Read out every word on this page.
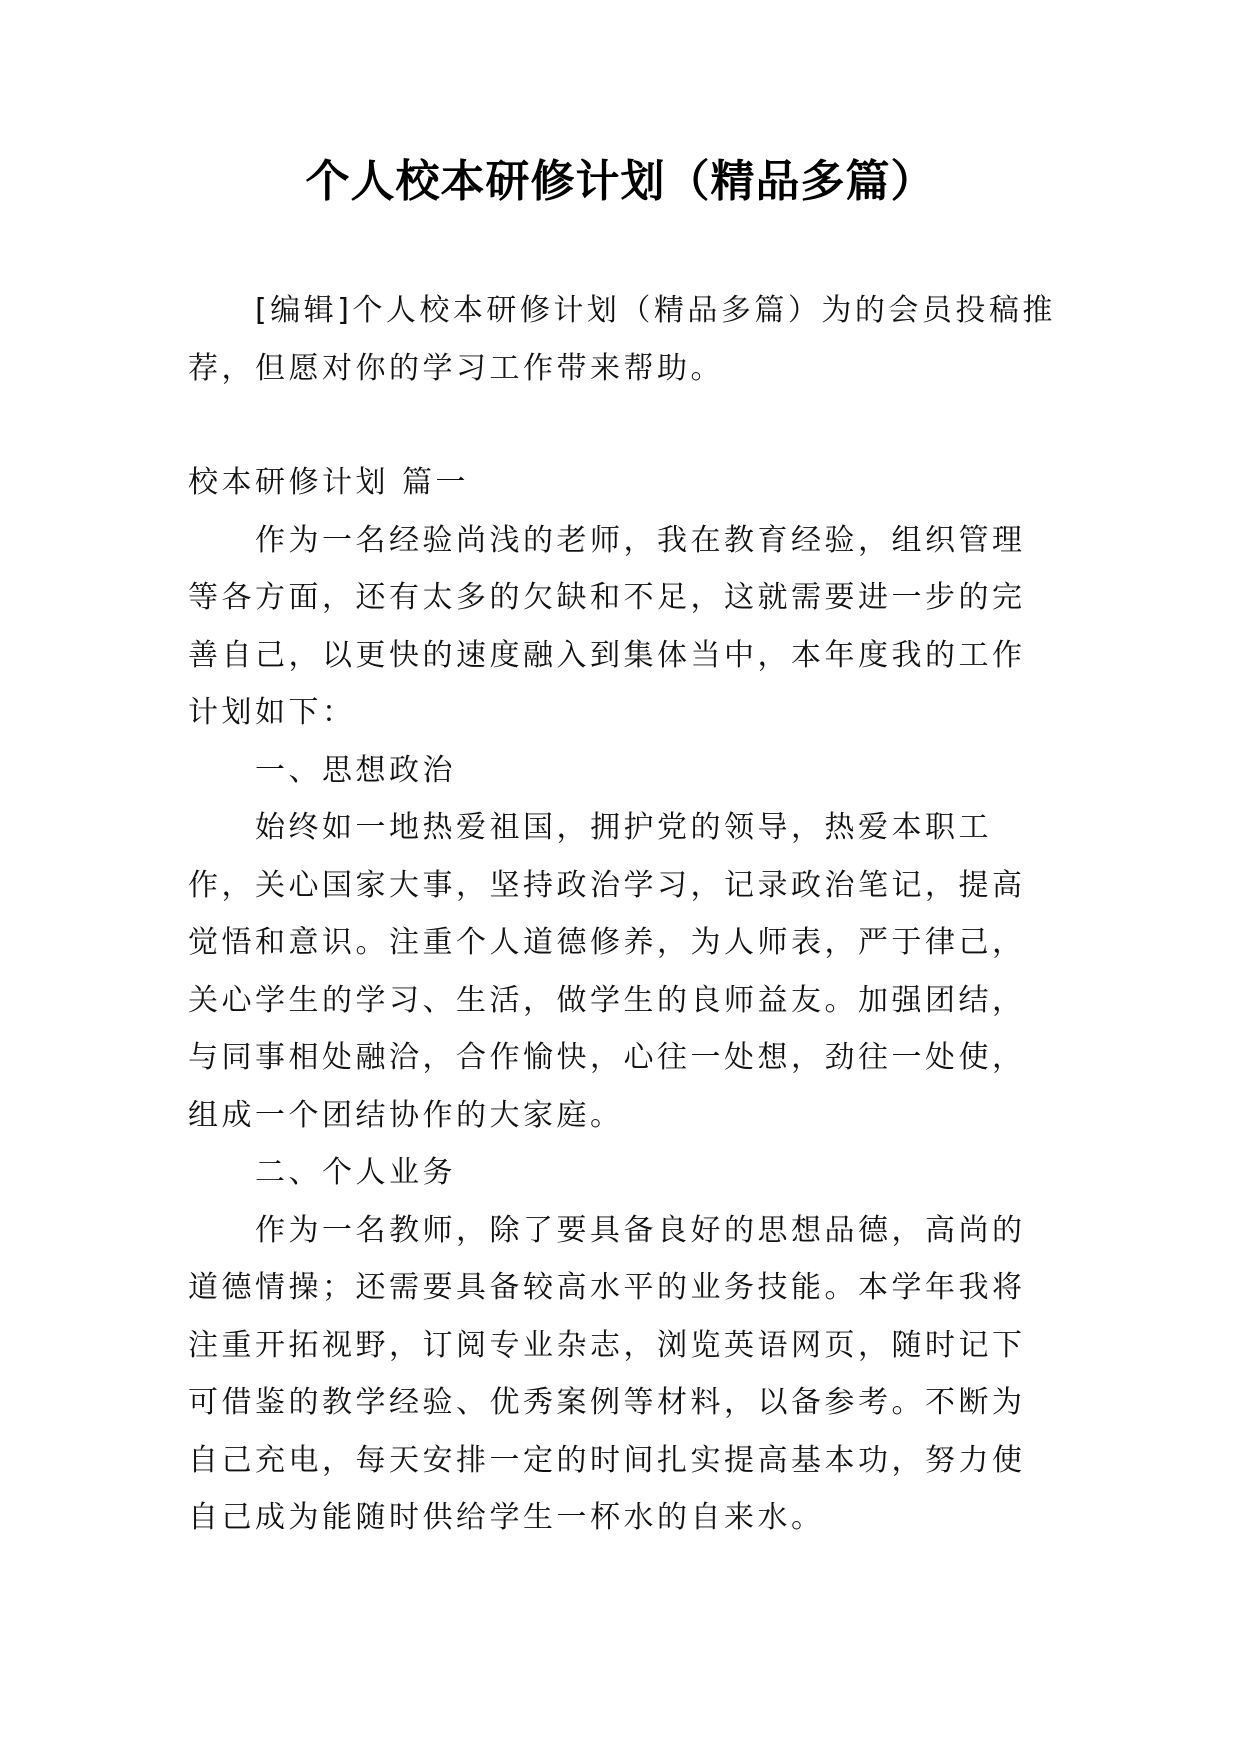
个人校本研修计划（精品多篇）

[编辑]个人校本研修计划（精品多篇）为的会员投稿推荐，但愿对你的学习工作带来帮助。

校本研修计划 篇一

作为一名经验尚浅的老师，我在教育经验，组织管理等各方面，还有太多的欠缺和不足，这就需要进一步的完善自己，以更快的速度融入到集体当中，本年度我的工作计划如下：

一、思想政治

始终如一地热爱祖国，拥护党的领导，热爱本职工作，关心国家大事，坚持政治学习，记录政治笔记，提高觉悟和意识。注重个人道德修养，为人师表，严于律己，关心学生的学习、生活，做学生的良师益友。加强团结，与同事相处融洽，合作愉快，心往一处想，劲往一处使，组成一个团结协作的大家庭。

二、个人业务

作为一名教师，除了要具备良好的思想品德，高尚的道德情操；还需要具备较高水平的业务技能。本学年我将注重开拓视野，订阅专业杂志，浏览英语网页，随时记下可借鉴的教学经验、优秀案例等材料，以备参考。不断为自己充电，每天安排一定的时间扎实提高基本功，努力使自己成为能随时供给学生一杯水的自来水。
